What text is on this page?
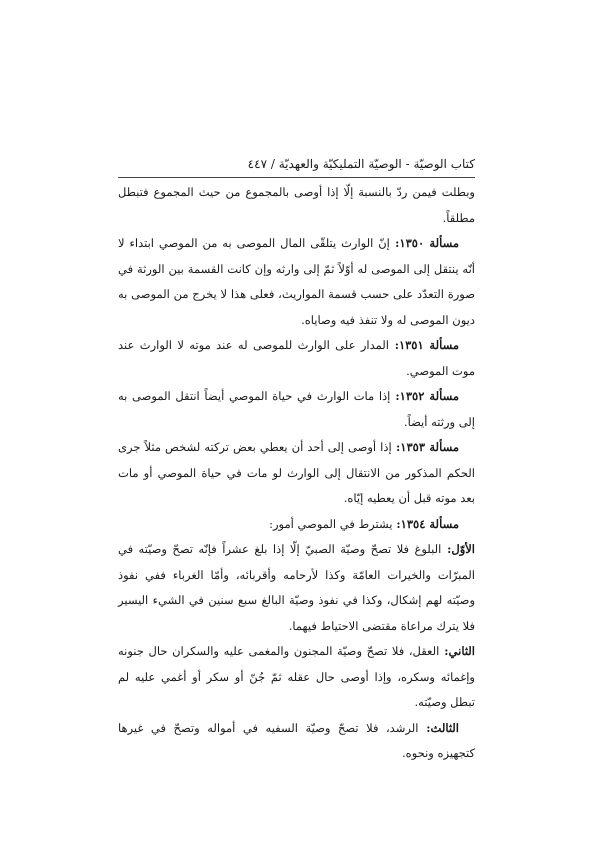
كتاب الوصيّة - الوصيّة التمليكيّة والعهديّة / ٤٤٧

وبطلت فيمن ردّ بالنسبة إلّا إذا أوصى بالمجموع من حيث المجموع فتبطل مطلقاً.

مسألة ١٣٥٠: إنّ الوارث يتلقّى المال الموصى به من الموصي ابتداء لا أنّه ينتقل إلى الموصى له أوّلاً ثمّ إلى وارثه وإن كانت القسمة بين الورثة في صورة التعدّد على حسب قسمة المواريث، فعلى هذا لا يخرج من الموصى به ديون الموصى له ولا تنفذ فيه وصاياه.

مسألة ١٣٥١: المدار على الوارث للموصى له عند موته لا الوارث عند موت الموصي.

مسألة ١٣٥٢: إذا مات الوارث في حياة الموصي أيضاً انتقل الموصى به إلى ورثته أيضاً.

مسألة ١٣٥٣: إذا أوصى إلى أحد أن يعطي بعض تركته لشخص مثلاً جرى الحكم المذكور من الانتقال إلى الوارث لو مات في حياة الموصي أو مات بعد موته قبل أن يعطيه إيّاه.

مسألة ١٣٥٤: يشترط في الموصي أمور:

الأوّل: البلوغ فلا تصحّ وصيّة الصبيّ إلّا إذا بلغ عشراً فإنّه تصحّ وصيّته في المبرّات والخيرات العامّة وكذا لأرحامه وأقربائه، وأمّا الغرباء ففي نفوذ وصيّته لهم إشكال، وكذا في نفوذ وصيّة البالغ سبع سنين في الشيء اليسير فلا يترك مراعاة مقتضى الاحتياط فيهما.

الثاني: العقل، فلا تصحّ وصيّة المجنون والمغمى عليه والسكران حال جنونه وإغمائه وسكره، وإذا أوصى حال عقله ثمّ جُنّ أو سكر أو أغمي عليه لم تبطل وصيّته.

الثالث: الرشد، فلا تصحّ وصيّة السفيه في أمواله وتصحّ في غيرها كتجهيزه ونحوه.
